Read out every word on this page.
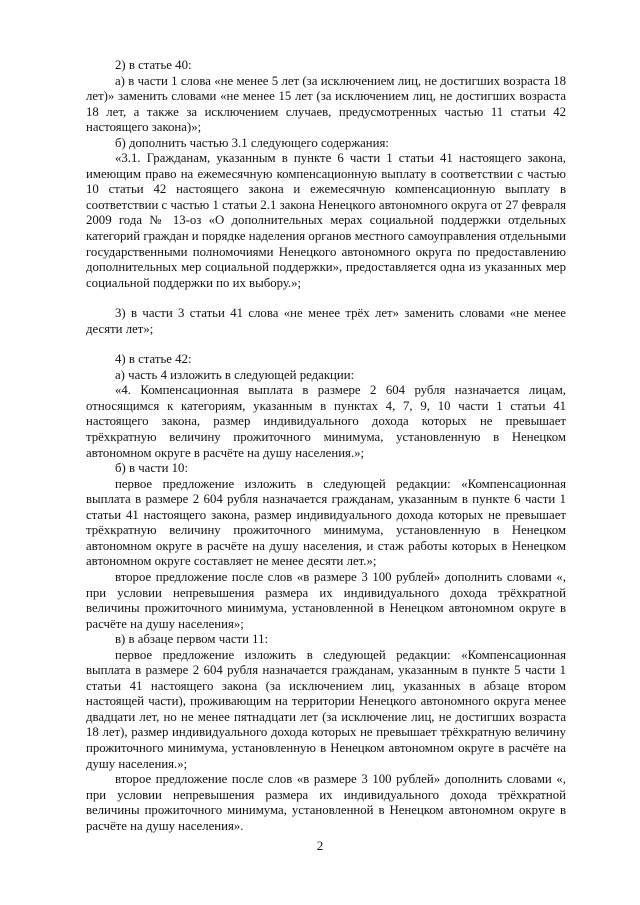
2) в статье 40:

а) в части 1 слова «не менее 5 лет (за исключением лиц, не достигших возраста 18 лет)» заменить словами «не менее 15 лет (за исключением лиц, не достигших возраста 18 лет, а также за исключением случаев, предусмотренных частью 11 статьи 42 настоящего закона)»;

б) дополнить частью 3.1 следующего содержания:

«3.1. Гражданам, указанным в пункте 6 части 1 статьи 41 настоящего закона, имеющим право на ежемесячную компенсационную выплату в соответствии с частью 10 статьи 42 настоящего закона и ежемесячную компенсационную выплату в соответствии с частью 1 статьи 2.1 закона Ненецкого автономного округа от 27 февраля 2009 года № 13-оз «О дополнительных мерах социальной поддержки отдельных категорий граждан и порядке наделения органов местного самоуправления отдельными государственными полномочиями Ненецкого автономного округа по предоставлению дополнительных мер социальной поддержки», предоставляется одна из указанных мер социальной поддержки по их выбору.»;

3) в части 3 статьи 41 слова «не менее трёх лет» заменить словами «не менее десяти лет»;

4) в статье 42:

а) часть 4 изложить в следующей редакции:

«4. Компенсационная выплата в размере 2 604 рубля назначается лицам, относящимся к категориям, указанным в пунктах 4, 7, 9, 10 части 1 статьи 41 настоящего закона, размер индивидуального дохода которых не превышает трёхкратную величину прожиточного минимума, установленную в Ненецком автономном округе в расчёте на душу населения.»;

б) в части 10:

первое предложение изложить в следующей редакции: «Компенсационная выплата в размере 2 604 рубля назначается гражданам, указанным в пункте 6 части 1 статьи 41 настоящего закона, размер индивидуального дохода которых не превышает трёхкратную величину прожиточного минимума, установленную в Ненецком автономном округе в расчёте на душу населения, и стаж работы которых в Ненецком автономном округе составляет не менее десяти лет.»;

второе предложение после слов «в размере 3 100 рублей» дополнить словами «, при условии непревышения размера их индивидуального дохода трёхкратной величины прожиточного минимума, установленной в Ненецком автономном округе в расчёте на душу населения»;

в) в абзаце первом части 11:

первое предложение изложить в следующей редакции: «Компенсационная выплата в размере 2 604 рубля назначается гражданам, указанным в пункте 5 части 1 статьи 41 настоящего закона (за исключением лиц, указанных в абзаце втором настоящей части), проживающим на территории Ненецкого автономного округа менее двадцати лет, но не менее пятнадцати лет (за исключение лиц, не достигших возраста 18 лет), размер индивидуального дохода которых не превышает трёхкратную величину прожиточного минимума, установленную в Ненецком автономном округе в расчёте на душу населения.»;

второе предложение после слов «в размере 3 100 рублей» дополнить словами «, при условии непревышения размера их индивидуального дохода трёхкратной величины прожиточного минимума, установленной в Ненецком автономном округе в расчёте на душу населения».

2
